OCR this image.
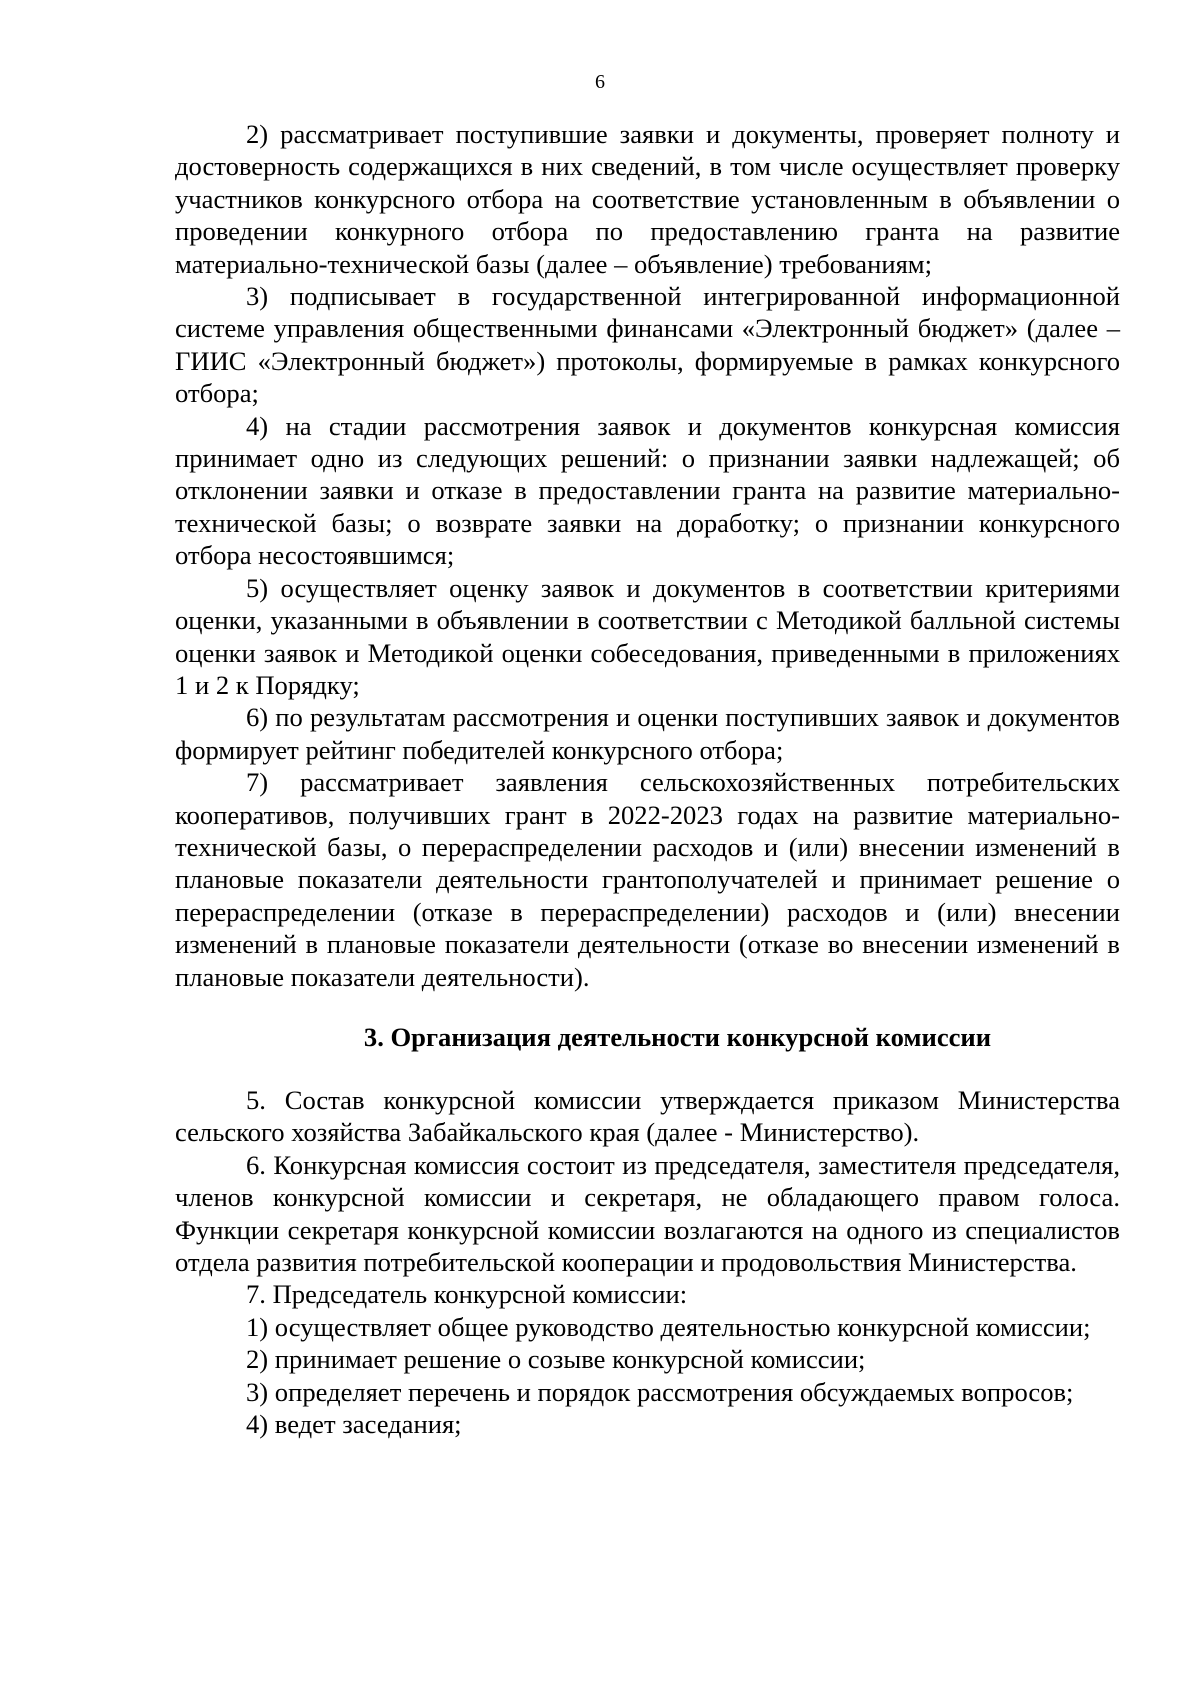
6

2) рассматривает поступившие заявки и документы, проверяет полноту и достоверность содержащихся в них сведений, в том числе осуществляет проверку участников конкурсного отбора на соответствие установленным в объявлении о проведении конкурного отбора по предоставлению гранта на развитие материально-технической базы (далее – объявление) требованиям;

3) подписывает в государственной интегрированной информационной системе управления общественными финансами «Электронный бюджет» (далее – ГИИС «Электронный бюджет») протоколы, формируемые в рамках конкурсного отбора;

4) на стадии рассмотрения заявок и документов конкурсная комиссия принимает одно из следующих решений: о признании заявки надлежащей; об отклонении заявки и отказе в предоставлении гранта на развитие материально-технической базы; о возврате заявки на доработку; о признании конкурсного отбора несостоявшимся;

5) осуществляет оценку заявок и документов в соответствии критериями оценки, указанными в объявлении в соответствии с Методикой балльной системы оценки заявок и Методикой оценки собеседования, приведенными в приложениях 1 и 2 к Порядку;

6) по результатам рассмотрения и оценки поступивших заявок и документов формирует рейтинг победителей конкурсного отбора;

7) рассматривает заявления сельскохозяйственных потребительских кооперативов, получивших грант в 2022-2023 годах на развитие материально-технической базы, о перераспределении расходов и (или) внесении изменений в плановые показатели деятельности грантополучателей и принимает решение о перераспределении (отказе в перераспределении) расходов и (или) внесении изменений в плановые показатели деятельности (отказе во внесении изменений в плановые показатели деятельности).

3. Организация деятельности конкурсной комиссии

5. Состав конкурсной комиссии утверждается приказом Министерства сельского хозяйства Забайкальского края (далее - Министерство).

6. Конкурсная комиссия состоит из председателя, заместителя председателя, членов конкурсной комиссии и секретаря, не обладающего правом голоса. Функции секретаря конкурсной комиссии возлагаются на одного из специалистов отдела развития потребительской кооперации и продовольствия Министерства.

7. Председатель конкурсной комиссии:

1) осуществляет общее руководство деятельностью конкурсной комиссии;

2) принимает решение о созыве конкурсной комиссии;

3) определяет перечень и порядок рассмотрения обсуждаемых вопросов;

4) ведет заседания;
